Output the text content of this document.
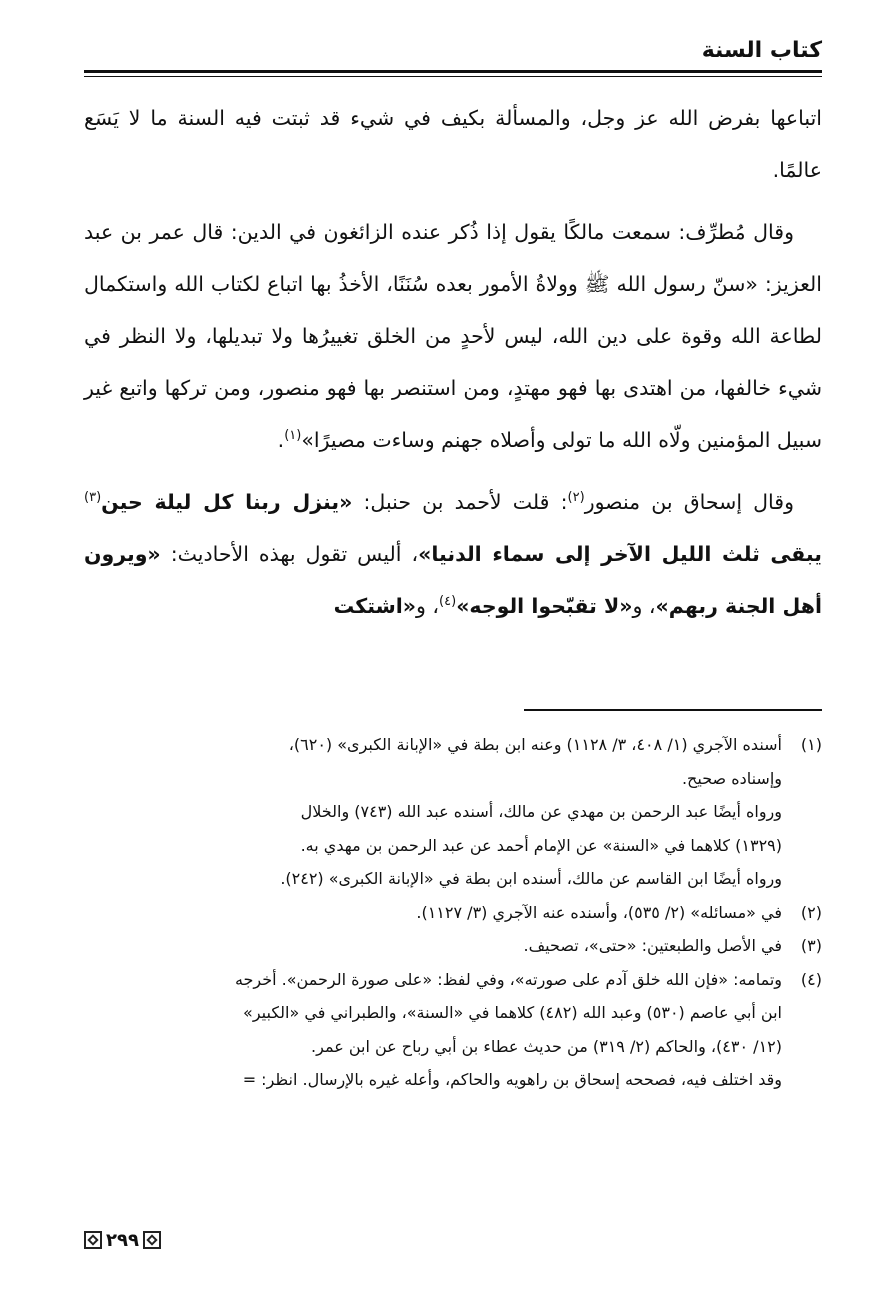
كتاب السنة

اتباعها بفرض الله عز وجل، والمسألة بكيف في شيء قد ثبتت فيه السنة ما لا يَسَع عالمًا.

وقال مُطرِّف: سمعت مالكًا يقول إذا ذُكر عنده الزائغون في الدين: قال عمر بن عبد العزيز: «سنّ رسول الله ﷺ وولاةُ الأمور بعده سُنَنًا، الأخذُ بها اتباع لكتاب الله واستكمال لطاعة الله وقوة على دين الله، ليس لأحدٍ من الخلق تغييرُها ولا تبديلها، ولا النظر في شيء خالفها، من اهتدى بها فهو مهتدٍ، ومن استنصر بها فهو منصور، ومن تركها واتبع غير سبيل المؤمنين ولّاه الله ما تولى وأصلاه جهنم وساءت مصيرًا»$^{(١)}$.

وقال إسحاق بن منصور$^{(٢)}$: قلت لأحمد بن حنبل: «ينزل ربنا كل ليلة حين$^{(٣)}$ يبقى ثلث الليل الآخر إلى سماء الدنيا»، أليس تقول بهذه الأحاديث: «ويرون أهل الجنة ربهم»، و«لا تقبّحوا الوجه»$^{(٤)}$، و«اشتكت

(١)
أسنده الآجري (١/ ٤٠٨، ٣/ ١١٢٨) وعنه ابن بطة في «الإبانة الكبرى» (٦٢٠)،
وإسناده صحيح.
ورواه أيضًا عبد الرحمن بن مهدي عن مالك، أسنده عبد الله (٧٤٣) والخلال
(١٣٢٩) كلاهما في «السنة» عن الإمام أحمد عن عبد الرحمن بن مهدي به.
ورواه أيضًا ابن القاسم عن مالك، أسنده ابن بطة في «الإبانة الكبرى» (٢٤٢).
(٢)
في «مسائله» (٢/ ٥٣٥)، وأسنده عنه الآجري (٣/ ١١٢٧).
(٣)
في الأصل والطبعتين: «حتى»، تصحيف.
(٤)
وتمامه: «فإن الله خلق آدم على صورته»، وفي لفظ: «على صورة الرحمن». أخرجه
ابن أبي عاصم (٥٣٠) وعبد الله (٤٨٢) كلاهما في «السنة»، والطبراني في «الكبير»
(١٢/ ٤٣٠)، والحاكم (٢/ ٣١٩) من حديث عطاء بن أبي رباح عن ابن عمر.
وقد اختلف فيه، فصححه إسحاق بن راهويه والحاكم، وأعله غيره بالإرسال. انظر: =
٢٩٩
